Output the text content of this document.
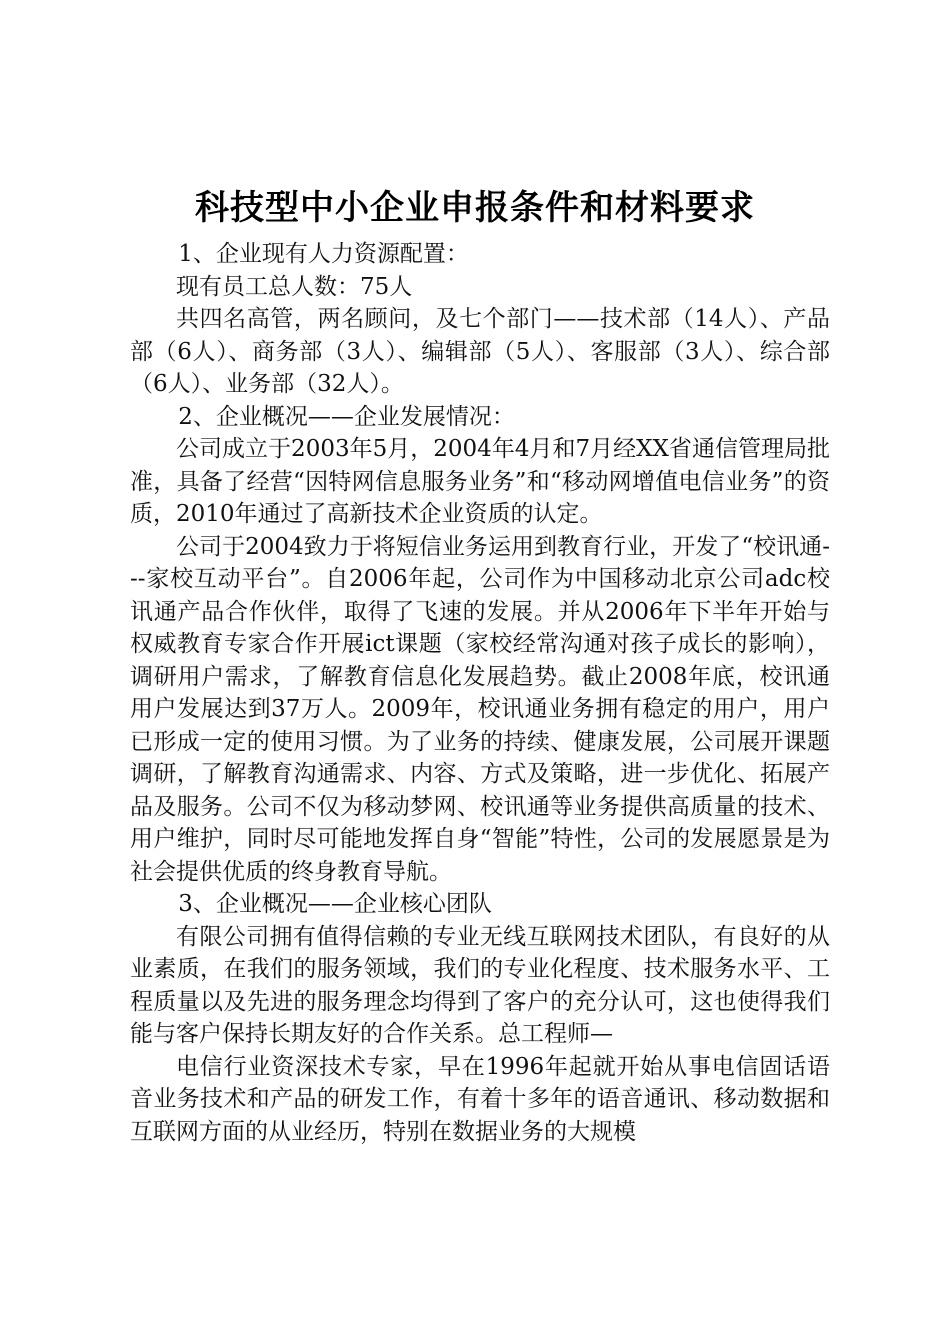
科技型中小企业申报条件和材料要求

1、企业现有人力资源配置：

现有员工总人数：75人

共四名高管，两名顾问，及七个部门——技术部（14人）、产品部（6人）、商务部（3人）、编辑部（5人）、客服部（3人）、综合部（6人）、业务部（32人）。

2、企业概况——企业发展情况：

公司成立于2003年5月，2004年4月和7月经XX省通信管理局批准，具备了经营“因特网信息服务业务”和“移动网增值电信业务”的资质，2010年通过了高新技术企业资质的认定。

公司于2004致力于将短信业务运用到教育行业，开发了“校讯通---家校互动平台”。自2006年起，公司作为中国移动北京公司adc校讯通产品合作伙伴，取得了飞速的发展。并从2006年下半年开始与权威教育专家合作开展ict课题（家校经常沟通对孩子成长的影响），调研用户需求，了解教育信息化发展趋势。截止2008年底，校讯通用户发展达到37万人。2009年，校讯通业务拥有稳定的用户，用户已形成一定的使用习惯。为了业务的持续、健康发展，公司展开课题调研，了解教育沟通需求、内容、方式及策略，进一步优化、拓展产品及服务。公司不仅为移动梦网、校讯通等业务提供高质量的技术、用户维护，同时尽可能地发挥自身“智能”特性，公司的发展愿景是为社会提供优质的终身教育导航。

3、企业概况——企业核心团队

有限公司拥有值得信赖的专业无线互联网技术团队，有良好的从业素质，在我们的服务领域，我们的专业化程度、技术服务水平、工程质量以及先进的服务理念均得到了客户的充分认可，这也使得我们能与客户保持长期友好的合作关系。总工程师—

电信行业资深技术专家，早在1996年起就开始从事电信固话语音业务技术和产品的研发工作，有着十多年的语音通讯、移动数据和互联网方面的从业经历，特别在数据业务的大规模
